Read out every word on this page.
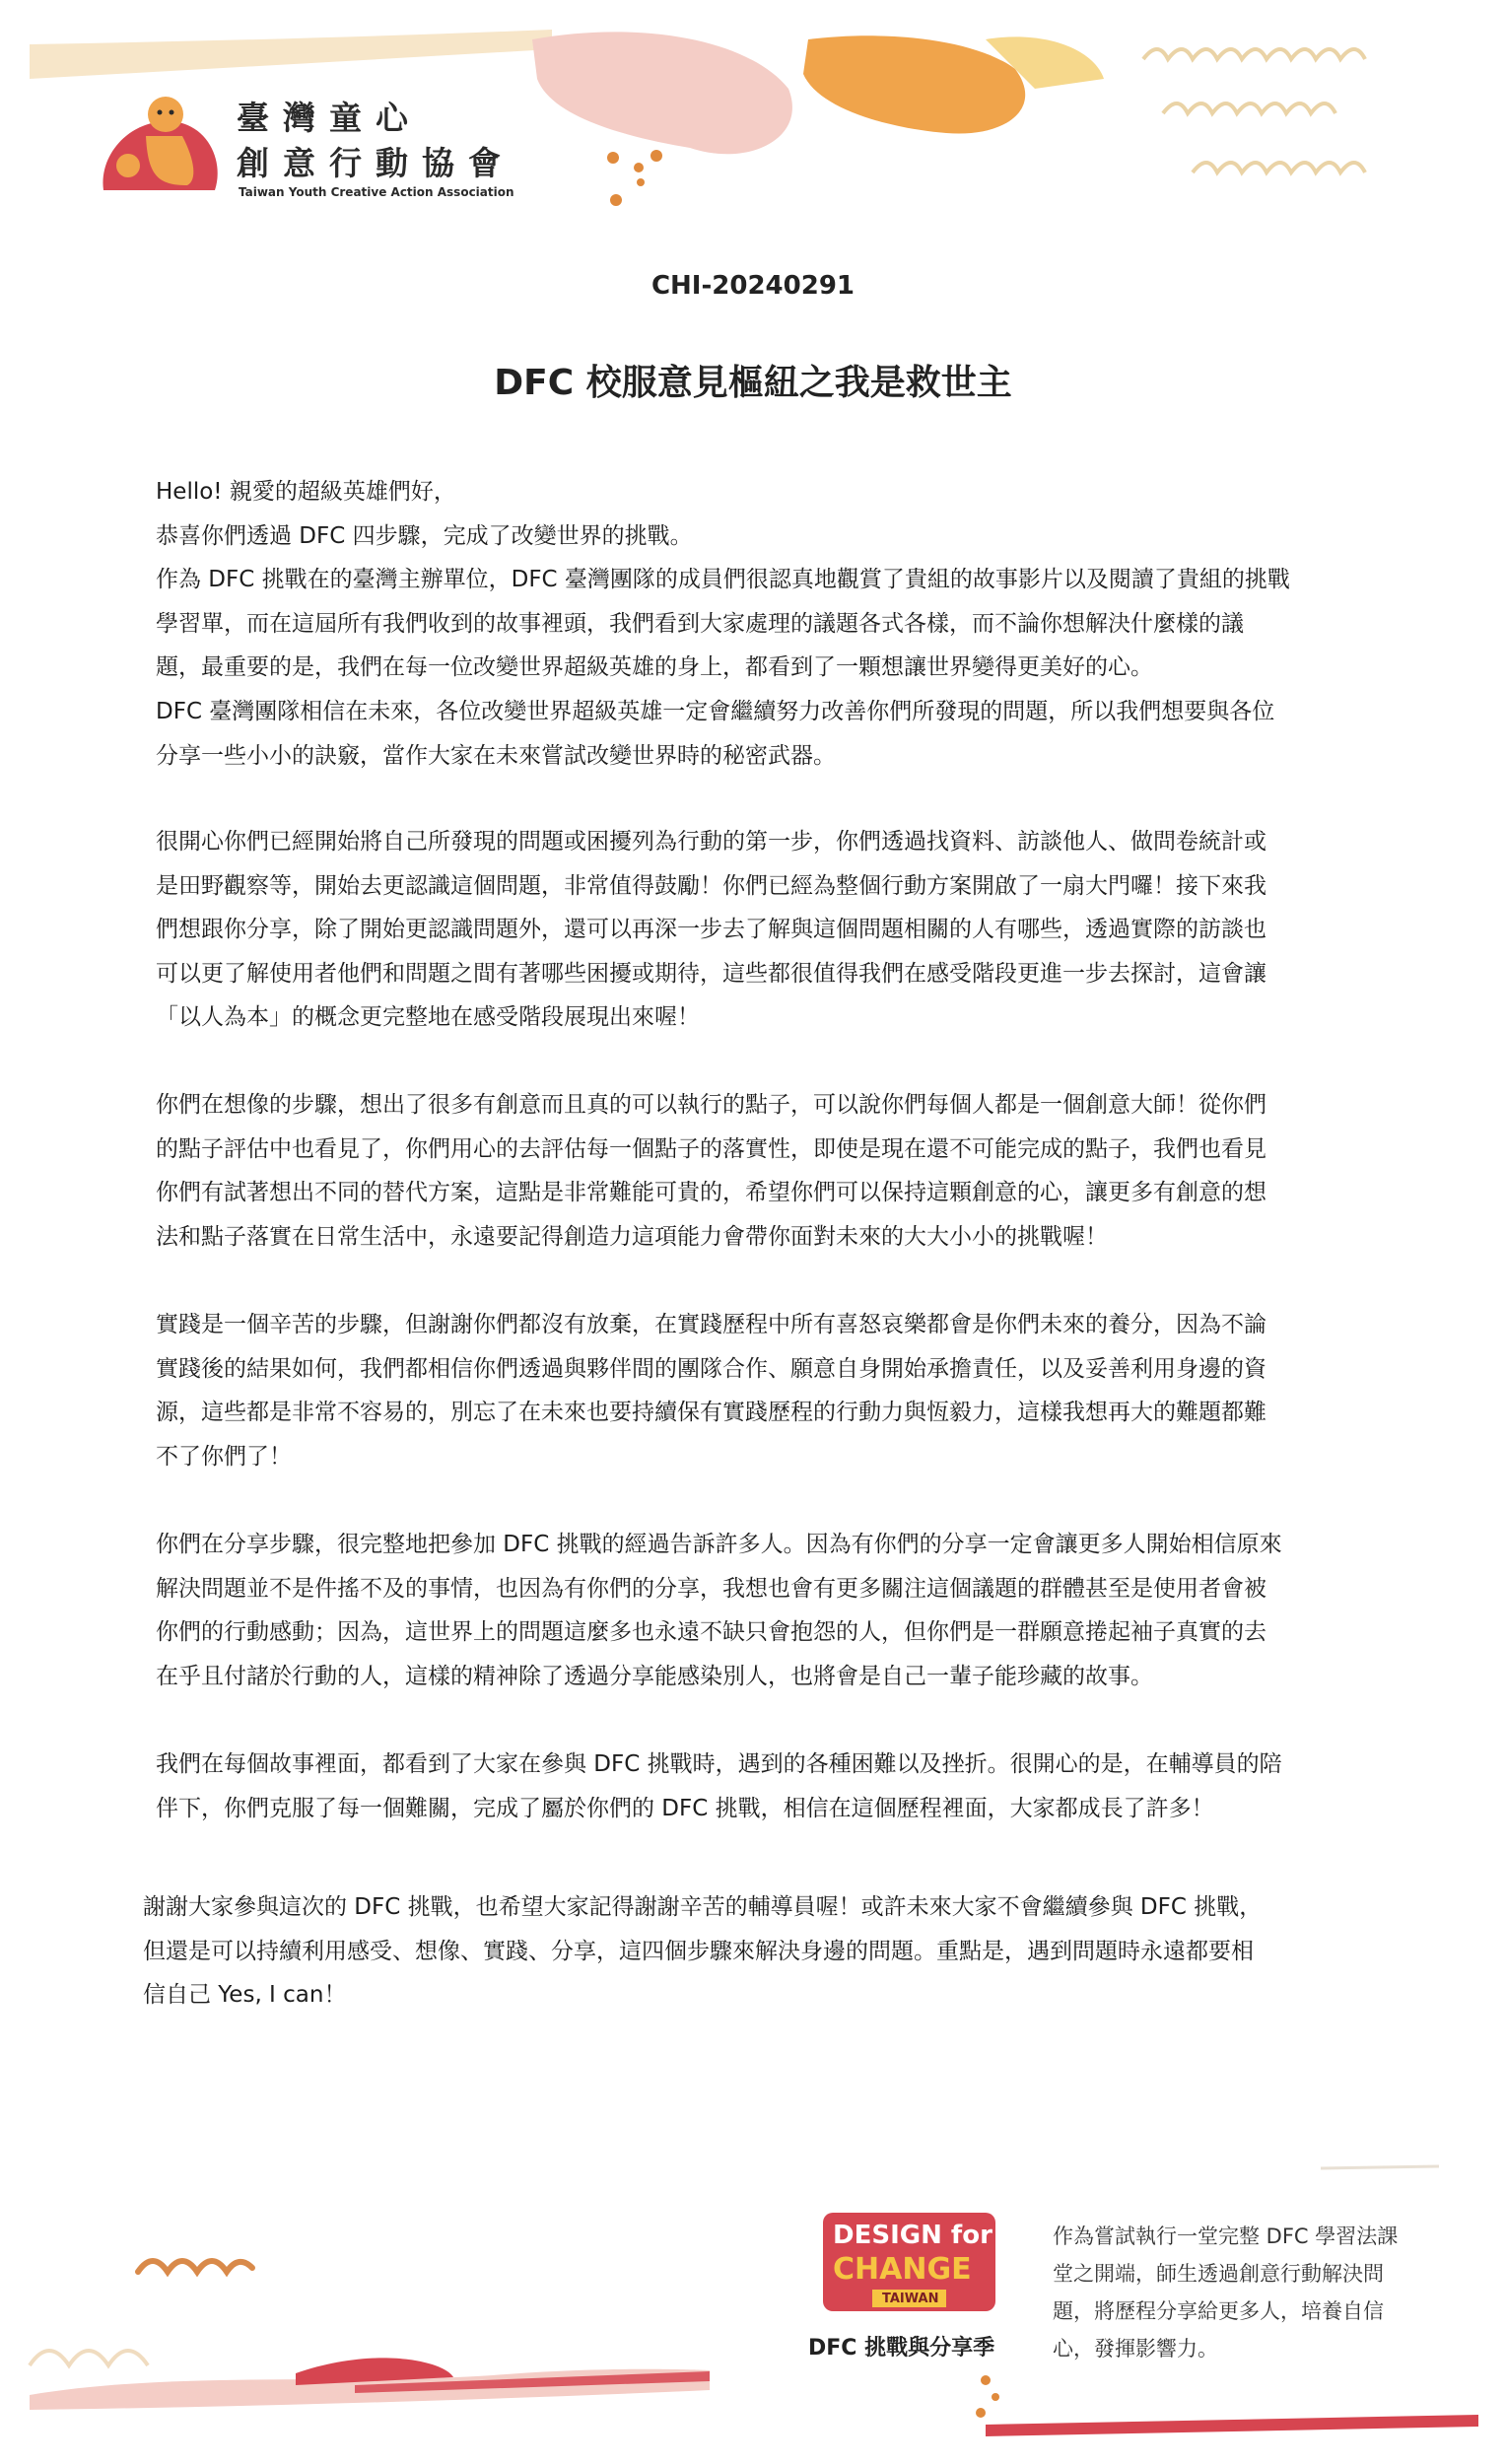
臺灣童心
創意行動協會
Taiwan Youth Creative Action Association
CHI-20240291
DFC 校服意見樞紐之我是救世主

Hello! 親愛的超級英雄們好，

恭喜你們透過 DFC 四步驟，完成了改變世界的挑戰。

作為 DFC 挑戰在的臺灣主辦單位，DFC 臺灣團隊的成員們很認真地觀賞了貴組的故事影片以及閱讀了貴組的挑戰

學習單，而在這屆所有我們收到的故事裡頭，我們看到大家處理的議題各式各樣，而不論你想解決什麼樣的議

題，最重要的是，我們在每一位改變世界超級英雄的身上，都看到了一顆想讓世界變得更美好的心。

DFC 臺灣團隊相信在未來，各位改變世界超級英雄一定會繼續努力改善你們所發現的問題，所以我們想要與各位

分享一些小小的訣竅，當作大家在未來嘗試改變世界時的秘密武器。

很開心你們已經開始將自己所發現的問題或困擾列為行動的第一步，你們透過找資料、訪談他人、做問卷統計或

是田野觀察等，開始去更認識這個問題，非常值得鼓勵！你們已經為整個行動方案開啟了一扇大門囉！接下來我

們想跟你分享，除了開始更認識問題外，還可以再深一步去了解與這個問題相關的人有哪些，透過實際的訪談也

可以更了解使用者他們和問題之間有著哪些困擾或期待，這些都很值得我們在感受階段更進一步去探討，這會讓

「以人為本」的概念更完整地在感受階段展現出來喔！

你們在想像的步驟，想出了很多有創意而且真的可以執行的點子，可以說你們每個人都是一個創意大師！從你們

的點子評估中也看見了，你們用心的去評估每一個點子的落實性，即使是現在還不可能完成的點子，我們也看見

你們有試著想出不同的替代方案，這點是非常難能可貴的，希望你們可以保持這顆創意的心，讓更多有創意的想

法和點子落實在日常生活中，永遠要記得創造力這項能力會帶你面對未來的大大小小的挑戰喔！

實踐是一個辛苦的步驟，但謝謝你們都沒有放棄，在實踐歷程中所有喜怒哀樂都會是你們未來的養分，因為不論

實踐後的結果如何，我們都相信你們透過與夥伴間的團隊合作、願意自身開始承擔責任，以及妥善利用身邊的資

源，這些都是非常不容易的，別忘了在未來也要持續保有實踐歷程的行動力與恆毅力，這樣我想再大的難題都難

不了你們了！

你們在分享步驟，很完整地把參加 DFC 挑戰的經過告訴許多人。因為有你們的分享一定會讓更多人開始相信原來

解決問題並不是件搖不及的事情，也因為有你們的分享，我想也會有更多關注這個議題的群體甚至是使用者會被

你們的行動感動；因為，這世界上的問題這麼多也永遠不缺只會抱怨的人，但你們是一群願意捲起袖子真實的去

在乎且付諸於行動的人，這樣的精神除了透過分享能感染別人，也將會是自己一輩子能珍藏的故事。

我們在每個故事裡面，都看到了大家在參與 DFC 挑戰時，遇到的各種困難以及挫折。很開心的是，在輔導員的陪

伴下，你們克服了每一個難關，完成了屬於你們的 DFC 挑戰，相信在這個歷程裡面，大家都成長了許多！

謝謝大家參與這次的 DFC 挑戰，也希望大家記得謝謝辛苦的輔導員喔！或許未來大家不會繼續參與 DFC 挑戰，

但還是可以持續利用感受、想像、實踐、分享，這四個步驟來解決身邊的問題。重點是，遇到問題時永遠都要相

信自己 Yes, I can！

DESIGN for
CHANGE
TAIWAN
DFC 挑戰與分享季
作為嘗試執行一堂完整 DFC 學習法課
堂之開端，師生透過創意行動解決問
題，將歷程分享給更多人，培養自信
心，發揮影響力。
